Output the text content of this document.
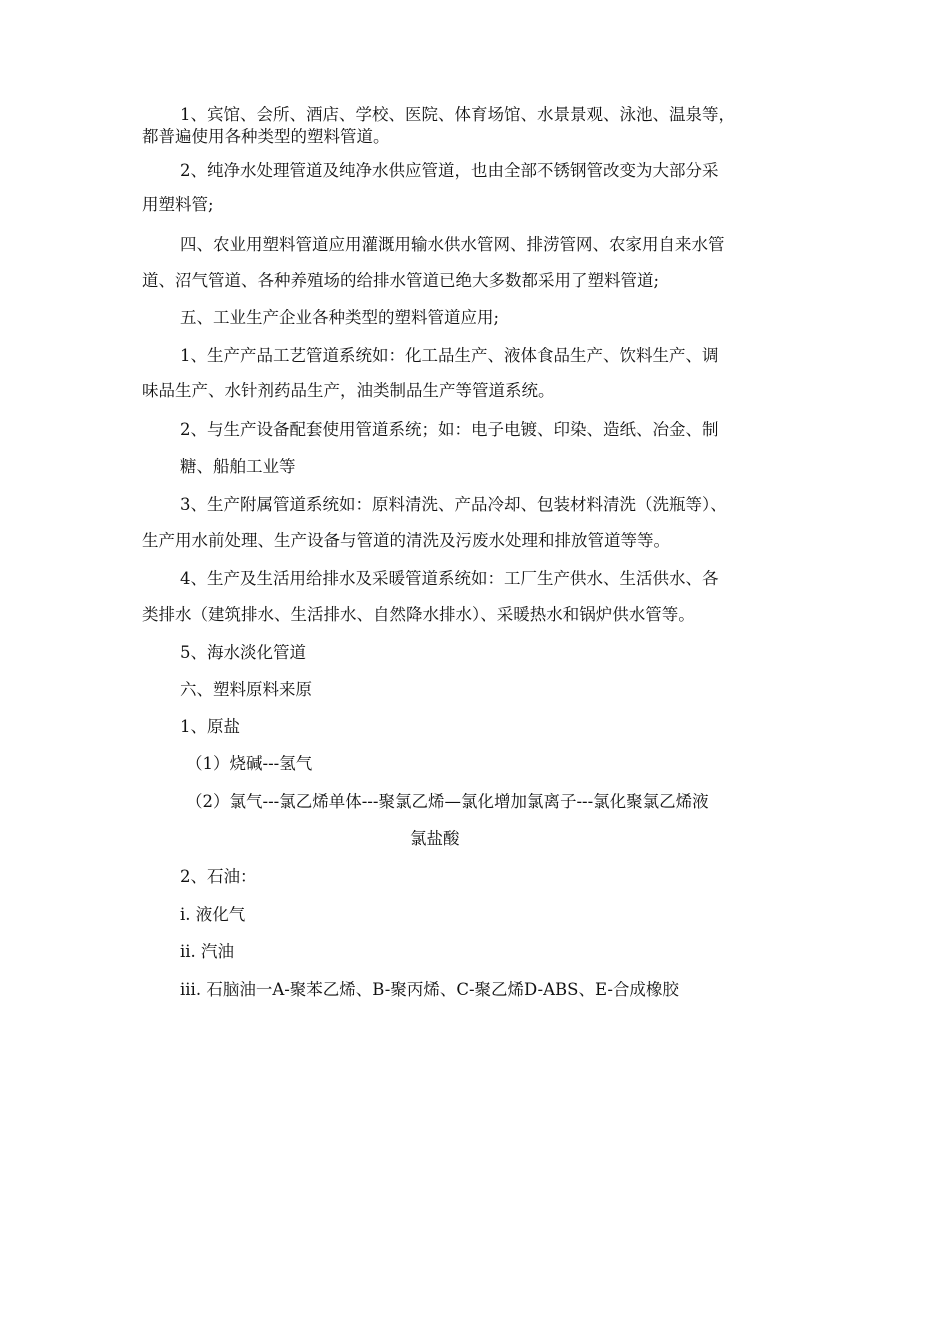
1、宾馆、会所、酒店、学校、医院、体育场馆、水景景观、泳池、温泉等，
都普遍使用各种类型的塑料管道。
2、纯净水处理管道及纯净水供应管道，也由全部不锈钢管改变为大部分采
用塑料管;
四、农业用塑料管道应用灌溉用输水供水管网、排涝管网、农家用自来水管
道、沼气管道、各种养殖场的给排水管道已绝大多数都采用了塑料管道;
五、工业生产企业各种类型的塑料管道应用;
1、生产产品工艺管道系统如：化工品生产、液体食品生产、饮料生产、调
味品生产、水针剂药品生产，油类制品生产等管道系统。
2、与生产设备配套使用管道系统；如：电子电镀、印染、造纸、冶金、制
糖、船舶工业等
3、生产附属管道系统如：原料清洗、产品冷却、包装材料清洗（洗瓶等）、
生产用水前处理、生产设备与管道的清洗及污废水处理和排放管道等等。
4、生产及生活用给排水及采暖管道系统如：工厂生产供水、生活供水、各
类排水（建筑排水、生活排水、自然降水排水）、采暖热水和锅炉供水管等。
5、海水淡化管道
六、塑料原料来原
1、原盐
（1）烧碱---氢气
（2）氯气---氯乙烯单体---聚氯乙烯—氯化增加氯离子---氯化聚氯乙烯液
氯盐酸
2、石油：
i. 液化气
ii. 汽油
iii. 石脑油一A-聚苯乙烯、B-聚丙烯、C-聚乙烯D-ABS、E-合成橡胶
